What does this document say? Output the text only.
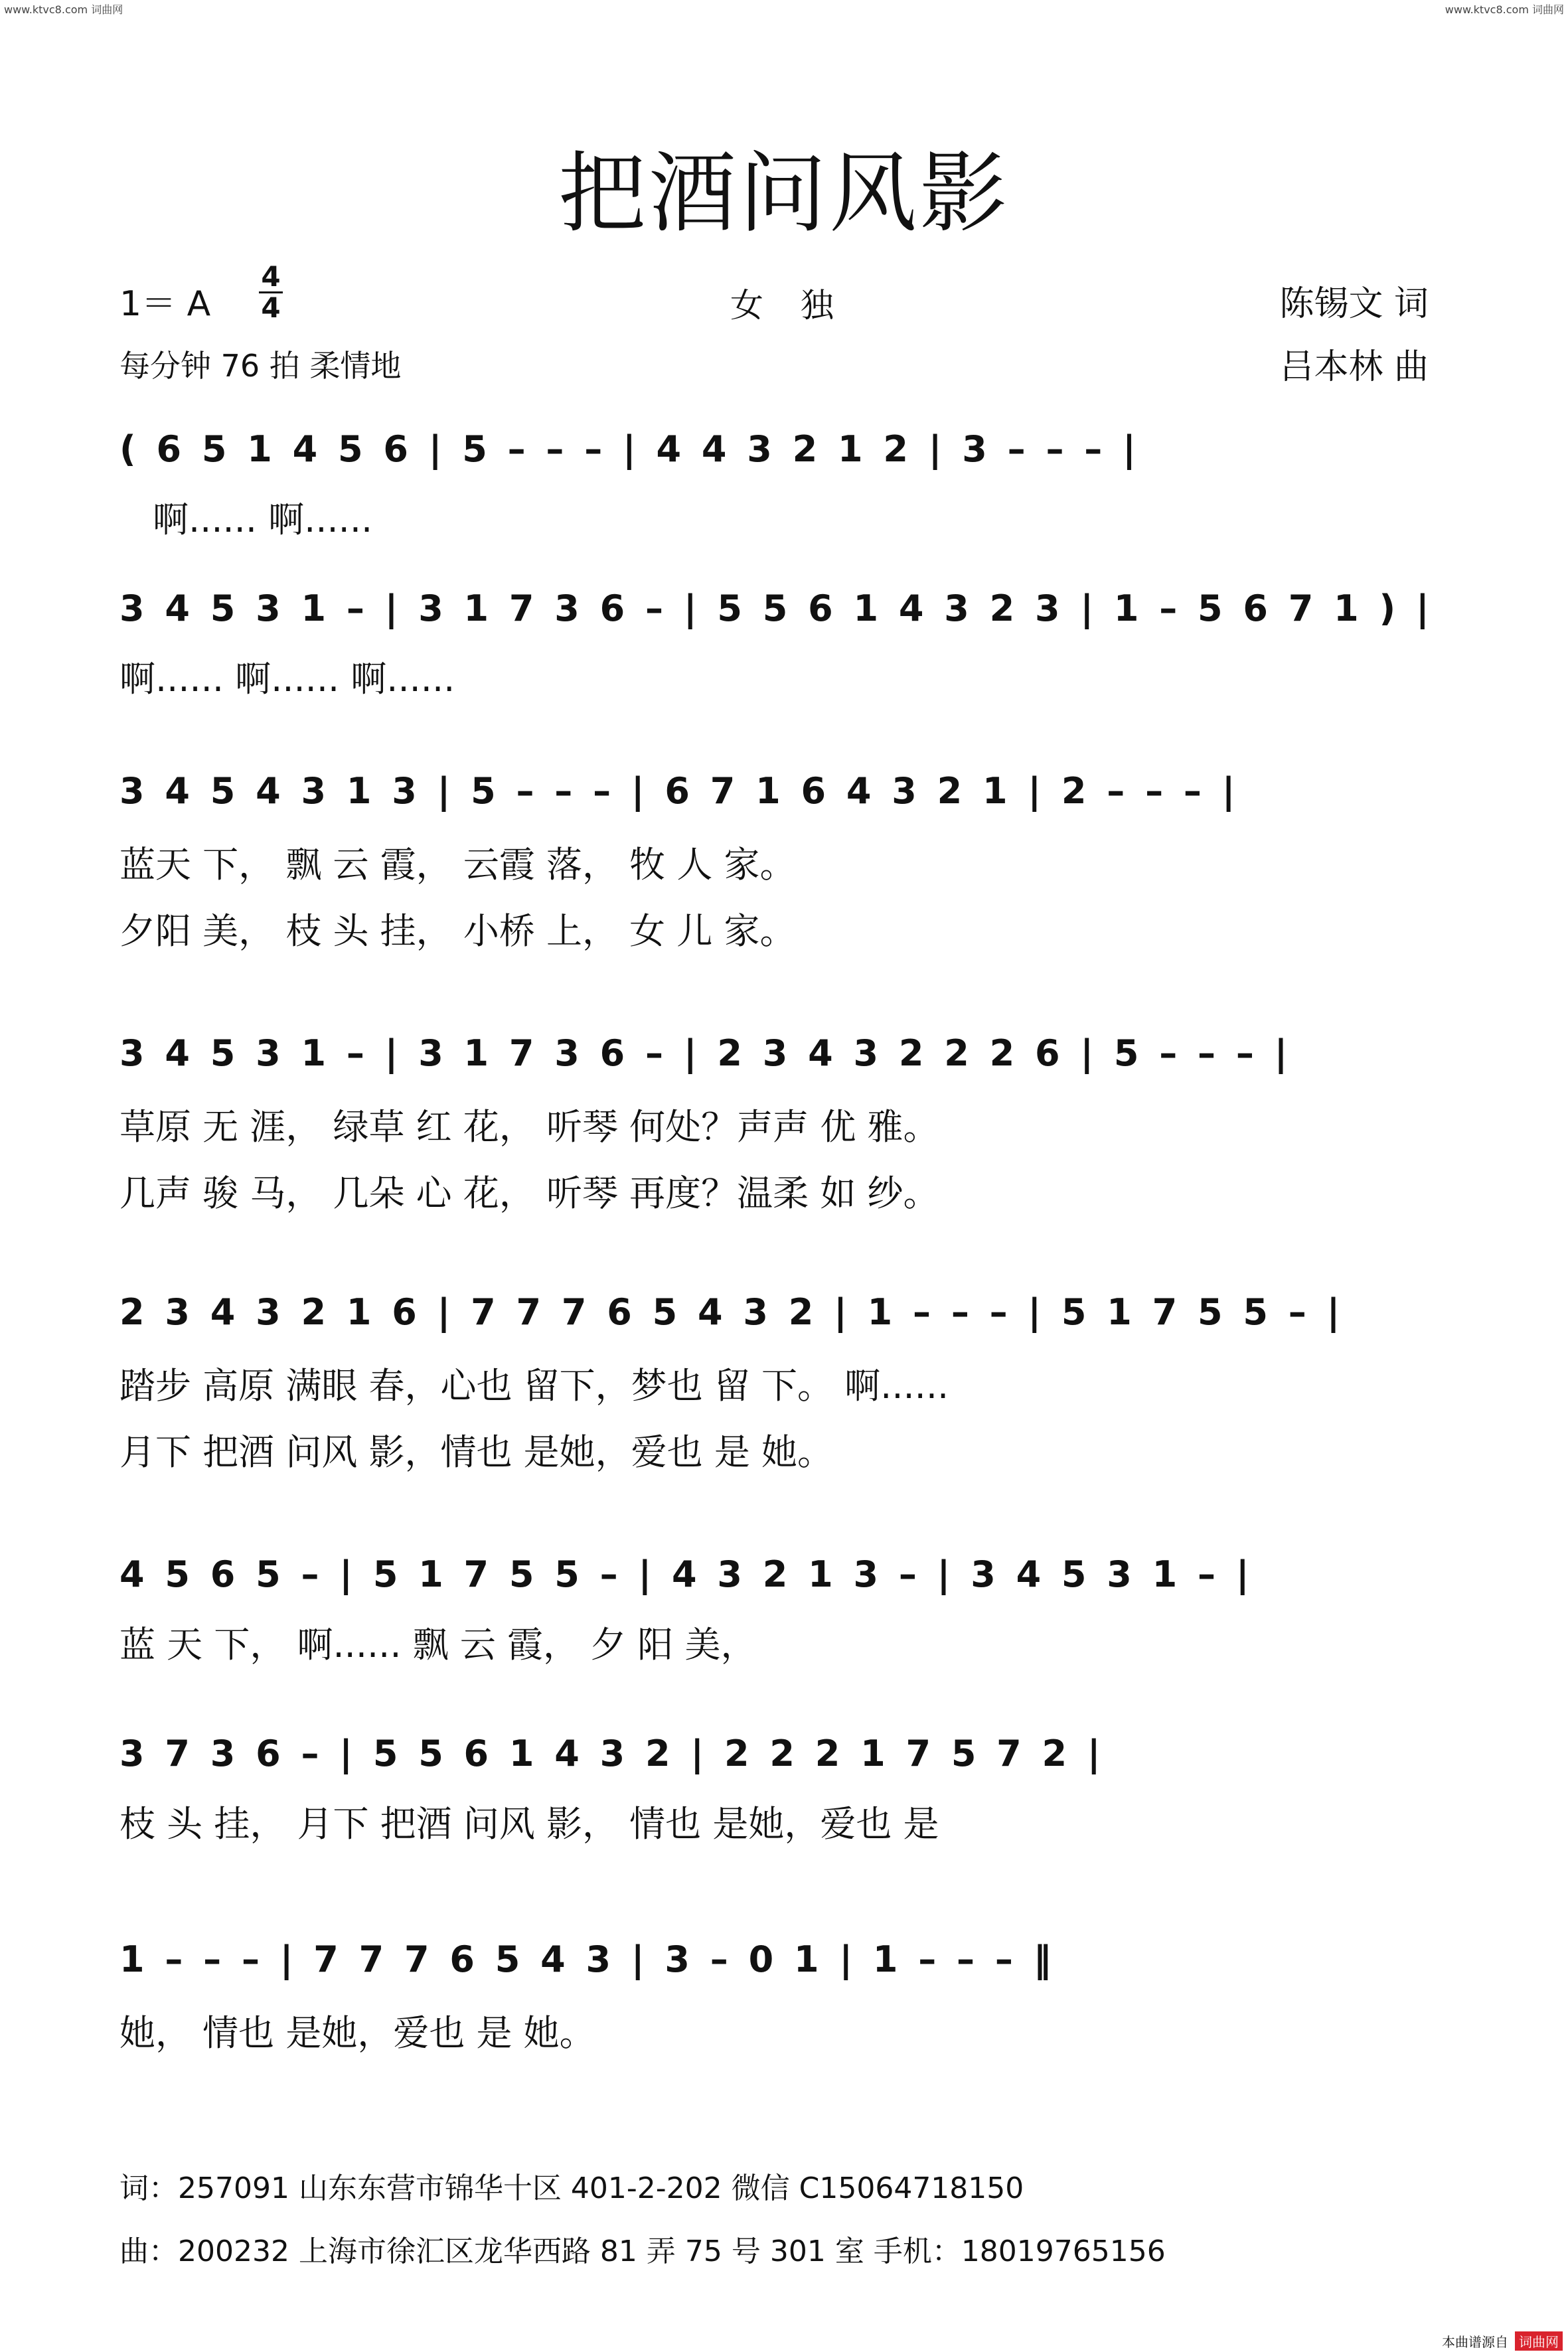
www.ktvc8.com 词曲网	www.ktvc8.com 词曲网
把酒问风影
1＝ A
4
4	女 独	陈锡文 词
每分钟 76 拍 柔情地	吕本林 曲
( 6 5 1 4 5 6 | 5 – – – | 4 4 3 2 1 2 | 3 – – – |
啊...... 啊......
3 4 5 3 1 – | 3 1 7 3 6 – | 5 5 6 1 4 3 2 3 | 1 – 5 6 7 1 ) |
啊...... 啊...... 啊......
3 4 5 4 3 1 3 | 5 – – – | 6 7 1 6 4 3 2 1 | 2 – – – |
蓝天 下， 飘 云 霞， 云霞 落， 牧 人 家。
夕阳 美， 枝 头 挂， 小桥 上， 女 儿 家。
3 4 5 3 1 – | 3 1 7 3 6 – | 2 3 4 3 2 2 2 6 | 5 – – – |
草原 无 涯， 绿草 红 花， 听琴 何处？声声 优 雅。
几声 骏 马， 几朵 心 花， 听琴 再度？温柔 如 纱。
2 3 4 3 2 1 6 | 7 7 7 6 5 4 3 2 | 1 – – – | 5 1 7 5 5 – |
踏步 高原 满眼 春，心也 留下，梦也 留 下。 啊......
月下 把酒 问风 影，情也 是她，爱也 是 她。
4 5 6 5 – | 5 1 7 5 5 – | 4 3 2 1 3 – | 3 4 5 3 1 – |
蓝 天 下， 啊...... 飘 云 霞， 夕 阳 美，
3 7 3 6 – | 5 5 6 1 4 3 2 | 2 2 2 1 7 5 7 2 |
枝 头 挂， 月下 把酒 问风 影， 情也 是她，爱也 是
1 – – – | 7 7 7 6 5 4 3 | 3 – 0 1 | 1 – – – ‖
她， 情也 是她，爱也 是 她。
词：257091 山东东营市锦华十区 401-2-202 微信 C15064718150
曲：200232 上海市徐汇区龙华西路 81 弄 75 号 301 室 手机：18019765156
本曲谱源自 词曲网
